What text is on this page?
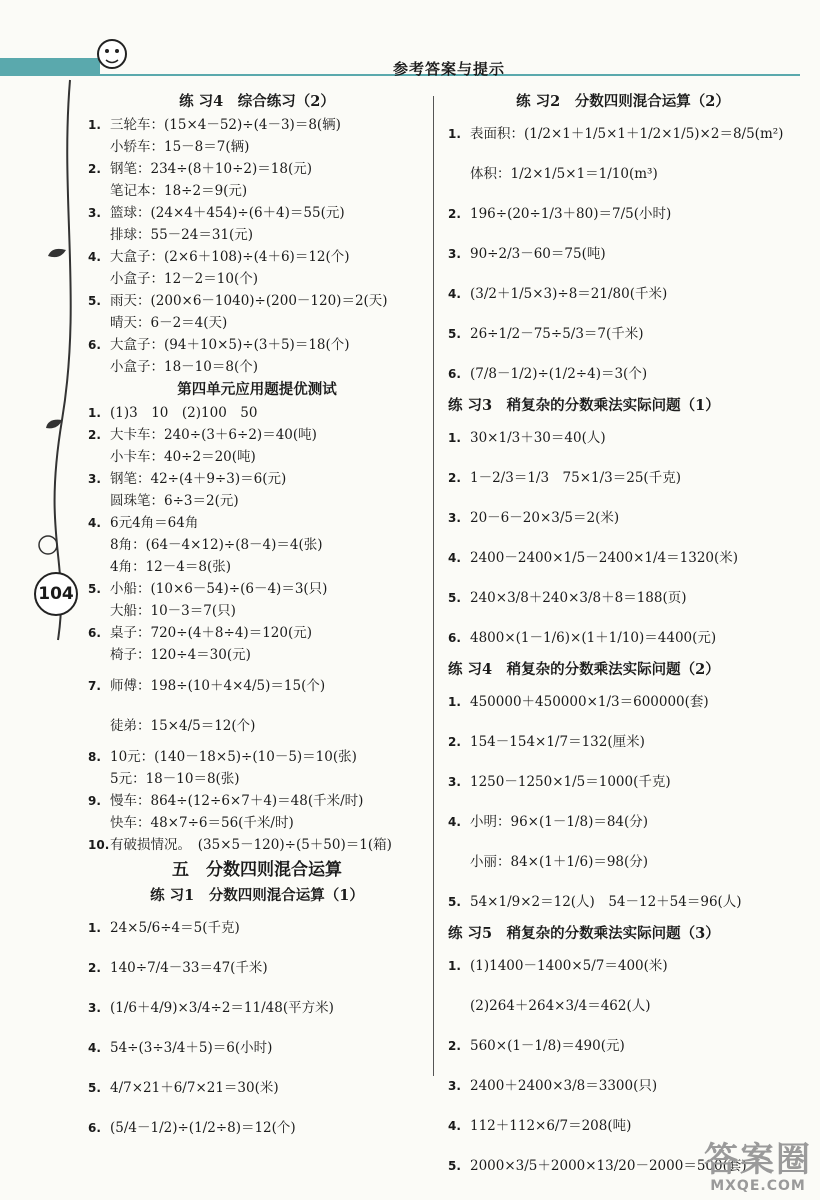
参考答案与提示
104
练 习4　综合练习（2）
1. 三轮车：(15×4－52)÷(4－3)＝8(辆)
小轿车：15－8＝7(辆)
2. 钢笔：234÷(8＋10÷2)＝18(元)
笔记本：18÷2＝9(元)
3. 篮球：(24×4＋454)÷(6＋4)＝55(元)
排球：55－24＝31(元)
4. 大盒子：(2×6＋108)÷(4＋6)＝12(个)
小盒子：12－2＝10(个)
5. 雨天：(200×6－1040)÷(200－120)＝2(天)
晴天：6－2＝4(天)
6. 大盒子：(94＋10×5)÷(3＋5)＝18(个)
小盒子：18－10＝8(个)
第四单元应用题提优测试
1. (1)3　10　(2)100　50
2. 大卡车：240÷(3＋6÷2)＝40(吨)
小卡车：40÷2＝20(吨)
3. 钢笔：42÷(4＋9÷3)＝6(元)
圆珠笔：6÷3＝2(元)
4. 6元4角＝64角
8角：(64－4×12)÷(8－4)＝4(张)
4角：12－4＝8(张)
5. 小船：(10×6－54)÷(6－4)＝3(只)
大船：10－3＝7(只)
6. 桌子：720÷(4＋8÷4)＝120(元)
椅子：120÷4＝30(元)
7. 师傅：198÷(10＋4×4/5)＝15(个)
徒弟：15×4/5＝12(个)
8. 10元：(140－18×5)÷(10－5)＝10(张)
5元：18－10＝8(张)
9. 慢车：864÷(12÷6×7＋4)＝48(千米/时)
快车：48×7÷6＝56(千米/时)
10. 有破损情况。　(35×5－120)÷(5＋50)＝1(箱)
五　分数四则混合运算
练 习1　分数四则混合运算（1）
1. 24×5/6÷4＝5(千克)
2. 140÷7/4－33＝47(千米)
3. (1/6＋4/9)×3/4÷2＝11/48(平方米)
4. 54÷(3÷3/4＋5)＝6(小时)
5. 4/7×21＋6/7×21＝30(米)
6. (5/4－1/2)÷(1/2÷8)＝12(个)
练 习2　分数四则混合运算（2）
1. 表面积：(1/2×1＋1/5×1＋1/2×1/5)×2＝8/5(m²)
体积：1/2×1/5×1＝1/10(m³)
2. 196÷(20÷1/3＋80)＝7/5(小时)
3. 90÷2/3－60＝75(吨)
4. (3/2＋1/5×3)÷8＝21/80(千米)
5. 26÷1/2－75÷5/3＝7(千米)
6. (7/8－1/2)÷(1/2÷4)＝3(个)
练 习3　稍复杂的分数乘法实际问题（1）
1. 30×1/3＋30＝40(人)
2. 1－2/3＝1/3　75×1/3＝25(千克)
3. 20－6－20×3/5＝2(米)
4. 2400－2400×1/5－2400×1/4＝1320(米)
5. 240×3/8＋240×3/8＋8＝188(页)
6. 4800×(1－1/6)×(1＋1/10)＝4400(元)
练 习4　稍复杂的分数乘法实际问题（2）
1. 450000＋450000×1/3＝600000(套)
2. 154－154×1/7＝132(厘米)
3. 1250－1250×1/5＝1000(千克)
4. 小明：96×(1－1/8)＝84(分)
小丽：84×(1＋1/6)＝98(分)
5. 54×1/9×2＝12(人)　54－12＋54＝96(人)
练 习5　稍复杂的分数乘法实际问题（3）
1. (1)1400－1400×5/7＝400(米)
(2)264＋264×3/4＝462(人)
2. 560×(1－1/8)＝490(元)
3. 2400＋2400×3/8＝3300(只)
4. 112＋112×6/7＝208(吨)
5. 2000×3/5＋2000×13/20－2000＝500(套)
答案圈
MXQE.COM
